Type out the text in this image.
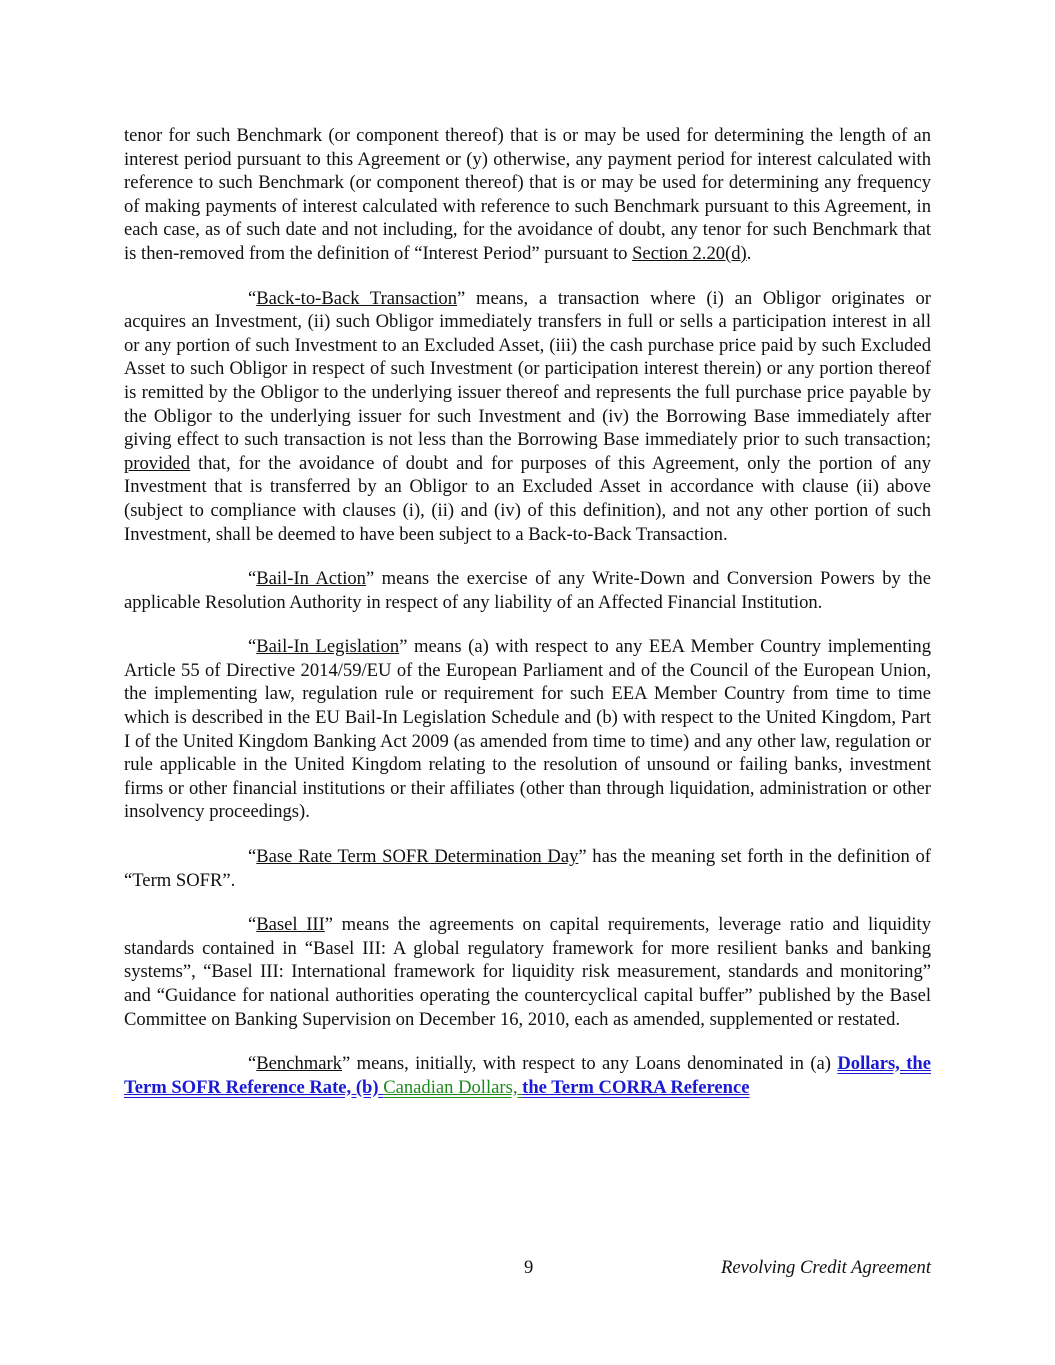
tenor for such Benchmark (or component thereof) that is or may be used for determining the length of an interest period pursuant to this Agreement or (y) otherwise, any payment period for interest calculated with reference to such Benchmark (or component thereof) that is or may be used for determining any frequency of making payments of interest calculated with reference to such Benchmark pursuant to this Agreement, in each case, as of such date and not including, for the avoidance of doubt, any tenor for such Benchmark that is then-removed from the definition of “Interest Period” pursuant to Section 2.20(d).

“Back-to-Back Transaction” means, a transaction where (i) an Obligor originates or acquires an Investment, (ii) such Obligor immediately transfers in full or sells a participation interest in all or any portion of such Investment to an Excluded Asset, (iii) the cash purchase price paid by such Excluded Asset to such Obligor in respect of such Investment (or participation interest therein) or any portion thereof is remitted by the Obligor to the underlying issuer thereof and represents the full purchase price payable by the Obligor to the underlying issuer for such Investment and (iv) the Borrowing Base immediately after giving effect to such transaction is not less than the Borrowing Base immediately prior to such transaction; provided that, for the avoidance of doubt and for purposes of this Agreement, only the portion of any Investment that is transferred by an Obligor to an Excluded Asset in accordance with clause (ii) above (subject to compliance with clauses (i), (ii) and (iv) of this definition), and not any other portion of such Investment, shall be deemed to have been subject to a Back-to-Back Transaction.

“Bail-In Action” means the exercise of any Write-Down and Conversion Powers by the applicable Resolution Authority in respect of any liability of an Affected Financial Institution.

“Bail-In Legislation” means (a) with respect to any EEA Member Country implementing Article 55 of Directive 2014/59/EU of the European Parliament and of the Council of the European Union, the implementing law, regulation rule or requirement for such EEA Member Country from time to time which is described in the EU Bail-In Legislation Schedule and (b) with respect to the United Kingdom, Part I of the United Kingdom Banking Act 2009 (as amended from time to time) and any other law, regulation or rule applicable in the United Kingdom relating to the resolution of unsound or failing banks, investment firms or other financial institutions or their affiliates (other than through liquidation, administration or other insolvency proceedings).

“Base Rate Term SOFR Determination Day” has the meaning set forth in the definition of “Term SOFR”.

“Basel III” means the agreements on capital requirements, leverage ratio and liquidity standards contained in “Basel III: A global regulatory framework for more resilient banks and banking systems”, “Basel III: International framework for liquidity risk measurement, standards and monitoring” and “Guidance for national authorities operating the countercyclical capital buffer” published by the Basel Committee on Banking Supervision on December 16, 2010, each as amended, supplemented or restated.

“Benchmark” means, initially, with respect to any Loans denominated in (a) Dollars, the Term SOFR Reference Rate, (b) Canadian Dollars, the Term CORRA Reference

9	Revolving Credit Agreement
